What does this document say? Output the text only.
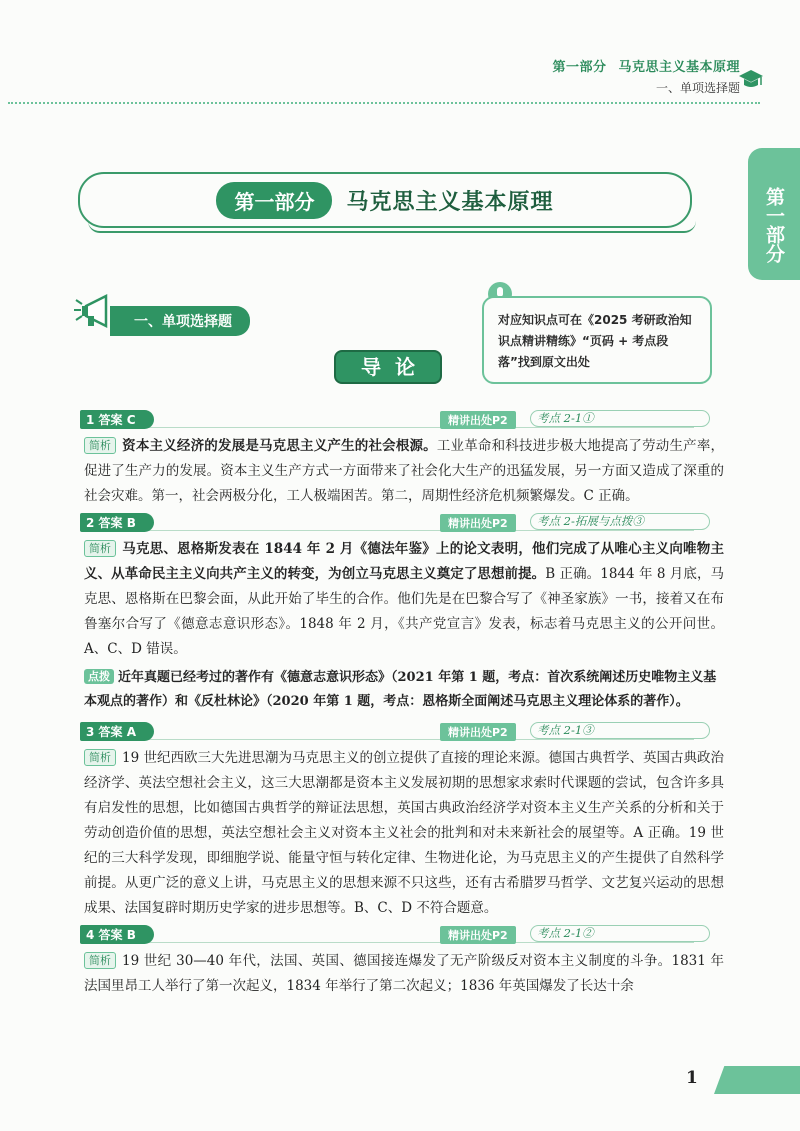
第一部分 马克思主义基本原理
一、单项选择题
第一部分
第一部分	马克思主义基本原理
一、单项选择题	对应知识点可在《2025 考研政治知识点精讲精练》“页码 + 考点段落”找到原文出处
导论
1 答案 C	精讲出处P2	考点 2-1①

简析 资本主义经济的发展是马克思主义产生的社会根源。工业革命和科技进步极大地提高了劳动生产率，促进了生产力的发展。资本主义生产方式一方面带来了社会化大生产的迅猛发展，另一方面又造成了深重的社会灾难。第一，社会两极分化，工人极端困苦。第二，周期性经济危机频繁爆发。C 正确。

2 答案 B	精讲出处P2	考点 2-拓展与点拨③

简析 马克思、恩格斯发表在 1844 年 2 月《德法年鉴》上的论文表明，他们完成了从唯心主义向唯物主义、从革命民主主义向共产主义的转变，为创立马克思主义奠定了思想前提。B 正确。1844 年 8 月底，马克思、恩格斯在巴黎会面，从此开始了毕生的合作。他们先是在巴黎合写了《神圣家族》一书，接着又在布鲁塞尔合写了《德意志意识形态》。1848 年 2 月，《共产党宣言》发表，标志着马克思主义的公开问世。A、C、D 错误。

点拨 近年真题已经考过的著作有《德意志意识形态》（2021 年第 1 题，考点：首次系统阐述历史唯物主义基本观点的著作）和《反杜林论》（2020 年第 1 题，考点：恩格斯全面阐述马克思主义理论体系的著作）。

3 答案 A	精讲出处P2	考点 2-1③

简析 19 世纪西欧三大先进思潮为马克思主义的创立提供了直接的理论来源。德国古典哲学、英国古典政治经济学、英法空想社会主义，这三大思潮都是资本主义发展初期的思想家求索时代课题的尝试，包含许多具有启发性的思想，比如德国古典哲学的辩证法思想，英国古典政治经济学对资本主义生产关系的分析和关于劳动创造价值的思想，英法空想社会主义对资本主义社会的批判和对未来新社会的展望等。A 正确。19 世纪的三大科学发现，即细胞学说、能量守恒与转化定律、生物进化论，为马克思主义的产生提供了自然科学前提。从更广泛的意义上讲，马克思主义的思想来源不只这些，还有古希腊罗马哲学、文艺复兴运动的思想成果、法国复辟时期历史学家的进步思想等。B、C、D 不符合题意。

4 答案 B	精讲出处P2	考点 2-1②

简析 19 世纪 30—40 年代，法国、英国、德国接连爆发了无产阶级反对资本主义制度的斗争。1831 年法国里昂工人举行了第一次起义，1834 年举行了第二次起义；1836 年英国爆发了长达十余

1
